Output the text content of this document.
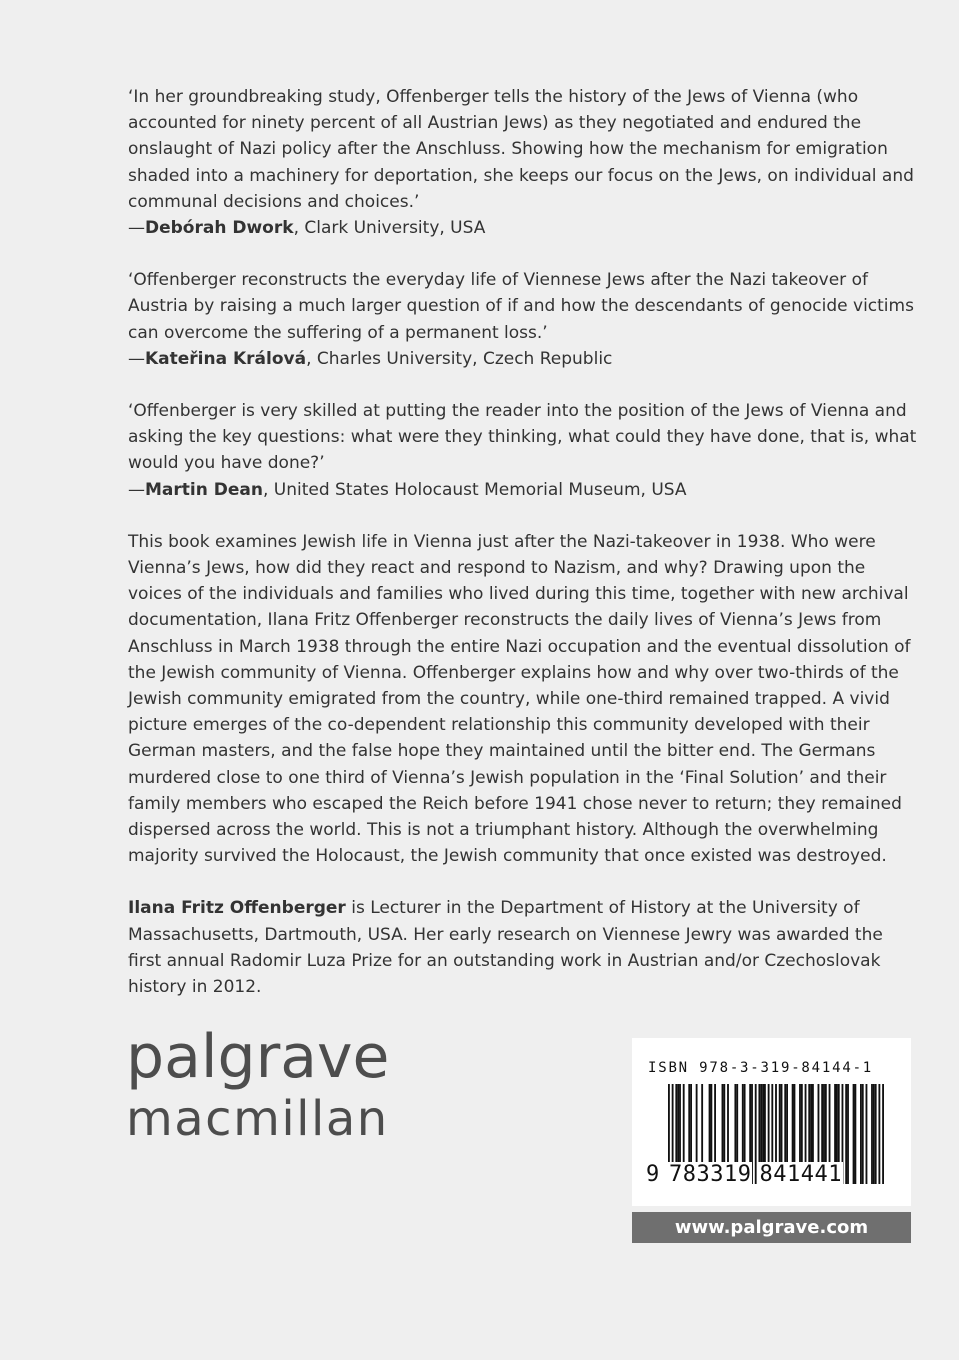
‘In her groundbreaking study, Offenberger tells the history of the Jews of Vienna (who accounted for ninety percent of all Austrian Jews) as they negotiated and endured the onslaught of Nazi policy after the Anschluss. Showing how the mechanism for emigration shaded into a machinery for deportation, she keeps our focus on the Jews, on individual and communal decisions and choices.’

—Debórah Dwork, Clark University, USA

‘Offenberger reconstructs the everyday life of Viennese Jews after the Nazi takeover of Austria by raising a much larger question of if and how the descendants of genocide victims can overcome the suffering of a permanent loss.’

—Kateřina Králová, Charles University, Czech Republic

‘Offenberger is very skilled at putting the reader into the position of the Jews of Vienna and asking the key questions: what were they thinking, what could they have done, that is, what would you have done?’

—Martin Dean, United States Holocaust Memorial Museum, USA

This book examines Jewish life in Vienna just after the Nazi-takeover in 1938. Who were Vienna’s Jews, how did they react and respond to Nazism, and why? Drawing upon the voices of the individuals and families who lived during this time, together with new archival documentation, Ilana Fritz Offenberger reconstructs the daily lives of Vienna’s Jews from Anschluss in March 1938 through the entire Nazi occupation and the eventual dissolution of the Jewish community of Vienna. Offenberger explains how and why over two-thirds of the Jewish community emigrated from the country, while one-third remained trapped. A vivid picture emerges of the co-dependent relationship this community developed with their German masters, and the false hope they maintained until the bitter end. The Germans murdered close to one third of Vienna’s Jewish population in the ‘Final Solution’ and their family members who escaped the Reich before 1941 chose never to return; they remained dispersed across the world. This is not a triumphant history. Although the overwhelming majority survived the Holocaust, the Jewish community that once existed was destroyed.

Ilana Fritz Offenberger is Lecturer in the Department of History at the University of Massachusetts, Dartmouth, USA. Her early research on Viennese Jewry was awarded the first annual Radomir Luza Prize for an outstanding work in Austrian and/or Czechoslovak history in 2012.

palgrave
macmillan
ISBN 978-3-319-84144-1
9 783319 841441
www.palgrave.com
